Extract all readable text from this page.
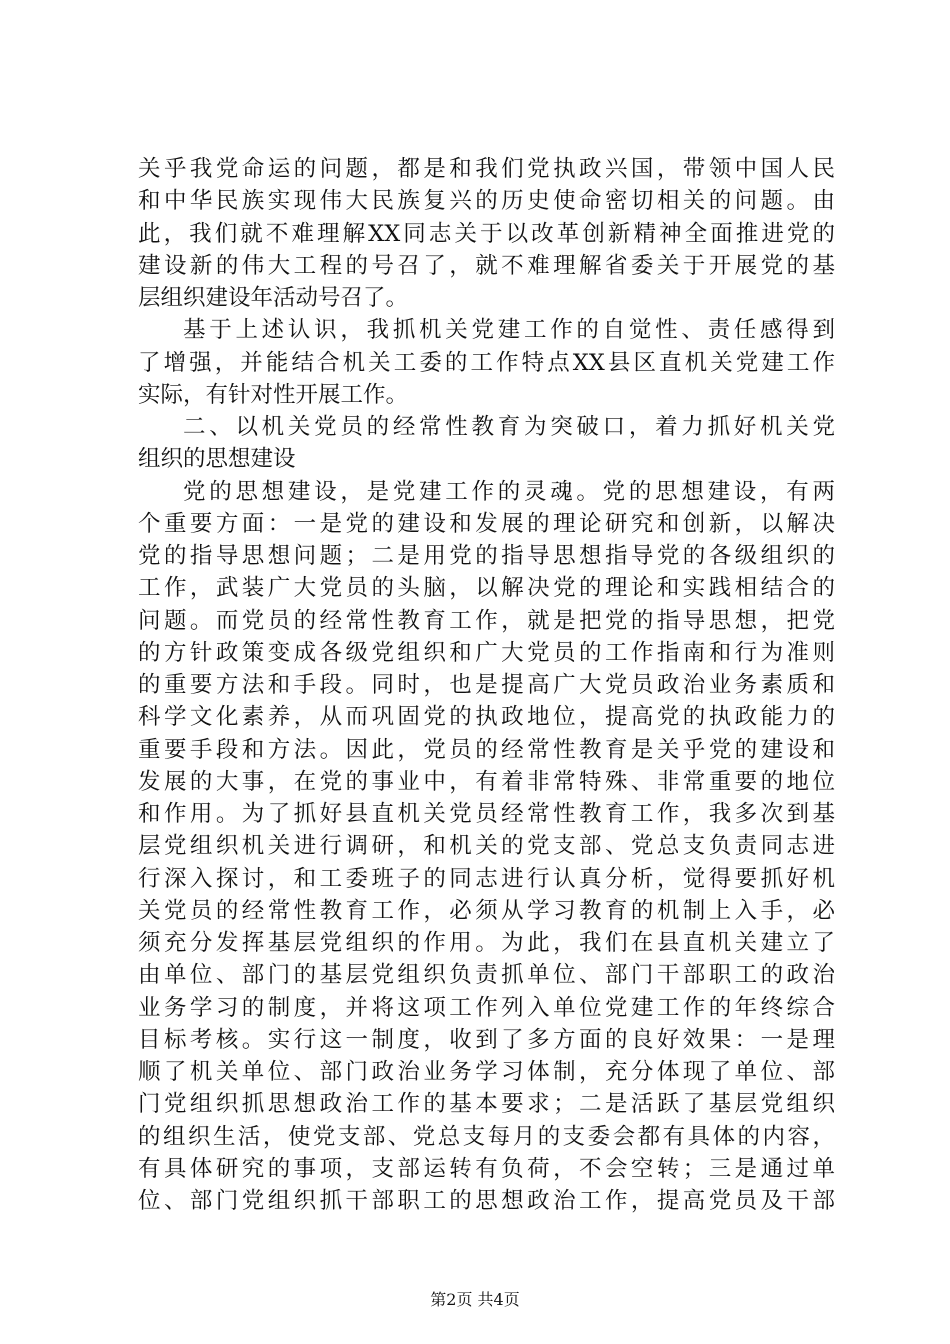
关乎我党命运的问题，都是和我们党执政兴国，带领中国人民
和中华民族实现伟大民族复兴的历史使命密切相关的问题。由
此，我们就不难理解XX同志关于以改革创新精神全面推进党的
建设新的伟大工程的号召了，就不难理解省委关于开展党的基
层组织建设年活动号召了。
基于上述认识，我抓机关党建工作的自觉性、责任感得到
了增强，并能结合机关工委的工作特点XX县区直机关党建工作
实际，有针对性开展工作。
二、以机关党员的经常性教育为突破口，着力抓好机关党
组织的思想建设
党的思想建设，是党建工作的灵魂。党的思想建设，有两
个重要方面：一是党的建设和发展的理论研究和创新，以解决
党的指导思想问题；二是用党的指导思想指导党的各级组织的
工作，武装广大党员的头脑，以解决党的理论和实践相结合的
问题。而党员的经常性教育工作，就是把党的指导思想，把党
的方针政策变成各级党组织和广大党员的工作指南和行为准则
的重要方法和手段。同时，也是提高广大党员政治业务素质和
科学文化素养，从而巩固党的执政地位，提高党的执政能力的
重要手段和方法。因此，党员的经常性教育是关乎党的建设和
发展的大事，在党的事业中，有着非常特殊、非常重要的地位
和作用。为了抓好县直机关党员经常性教育工作，我多次到基
层党组织机关进行调研，和机关的党支部、党总支负责同志进
行深入探讨，和工委班子的同志进行认真分析，觉得要抓好机
关党员的经常性教育工作，必须从学习教育的机制上入手，必
须充分发挥基层党组织的作用。为此，我们在县直机关建立了
由单位、部门的基层党组织负责抓单位、部门干部职工的政治
业务学习的制度，并将这项工作列入单位党建工作的年终综合
目标考核。实行这一制度，收到了多方面的良好效果：一是理
顺了机关单位、部门政治业务学习体制，充分体现了单位、部
门党组织抓思想政治工作的基本要求；二是活跃了基层党组织
的组织生活，使党支部、党总支每月的支委会都有具体的内容，
有具体研究的事项，支部运转有负荷，不会空转；三是通过单
位、部门党组织抓干部职工的思想政治工作，提高党员及干部
第2页 共4页
